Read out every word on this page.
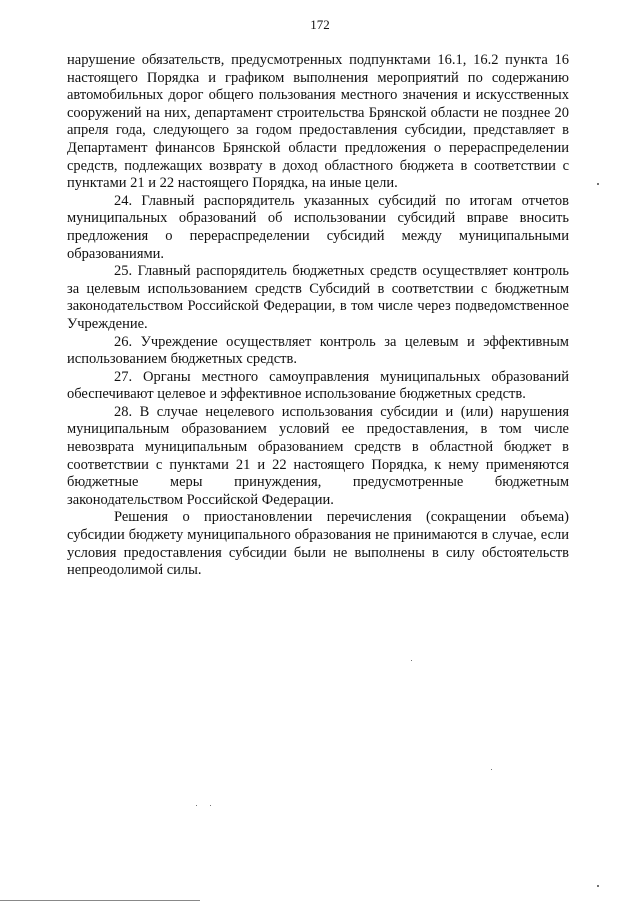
172

нарушение обязательств, предусмотренных подпунктами 16.1, 16.2 пункта 16 настоящего Порядка и графиком выполнения мероприятий по содержанию автомобильных дорог общего пользования местного значения и искусственных сооружений на них, департамент строительства Брянской области не позднее 20 апреля года, следующего за годом предоставления субсидии, представляет в Департамент финансов Брянской области предложения о перераспределении средств, подлежащих возврату в доход областного бюджета в соответствии с пунктами 21 и 22 настоящего Порядка, на иные цели.

24. Главный распорядитель указанных субсидий по итогам отчетов муниципальных образований об использовании субсидий вправе вносить предложения о перераспределении субсидий между муниципальными образованиями.

25. Главный распорядитель бюджетных средств осуществляет контроль за целевым использованием средств Субсидий в соответствии с бюджетным законодательством Российской Федерации, в том числе через подведомственное Учреждение.

26. Учреждение осуществляет контроль за целевым и эффективным использованием бюджетных средств.

27. Органы местного самоуправления муниципальных образований обеспечивают целевое и эффективное использование бюджетных средств.

28. В случае нецелевого использования субсидии и (или) нарушения муниципальным образованием условий ее предоставления, в том числе невозврата муниципальным образованием средств в областной бюджет в соответствии с пунктами 21 и 22 настоящего Порядка, к нему применяются бюджетные меры принуждения, предусмотренные бюджетным законодательством Российской Федерации.

Решения о приостановлении перечисления (сокращении объема) субсидии бюджету муниципального образования не принимаются в случае, если условия предоставления субсидии были не выполнены в силу обстоятельств непреодолимой силы.
